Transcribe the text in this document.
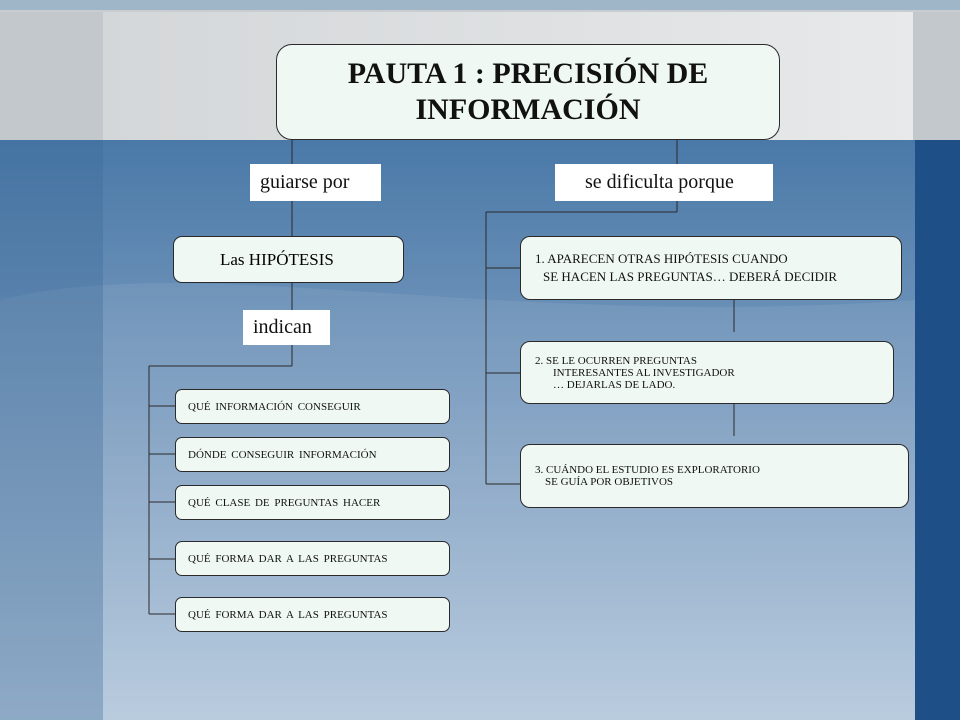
PAUTA 1 : PRECISIÓN DE
INFORMACIÓN
guiarse por	se dificulta porque
indican
Las HIPÓTESIS
QUÉ INFORMACIÓN CONSEGUIR
DÓNDE CONSEGUIR INFORMACIÓN
QUÉ CLASE DE PREGUNTAS HACER
QUÉ FORMA DAR A LAS PREGUNTAS
QUÉ FORMA DAR A LAS PREGUNTAS
1. APARECEN OTRAS HIPÓTESIS CUANDO
SE HACEN LAS PREGUNTAS… DEBERÁ DECIDIR
2. SE LE OCURREN PREGUNTAS
INTERESANTES AL INVESTIGADOR
… DEJARLAS DE LADO.
3. CUÁNDO EL ESTUDIO ES EXPLORATORIO
SE GUÍA POR OBJETIVOS
